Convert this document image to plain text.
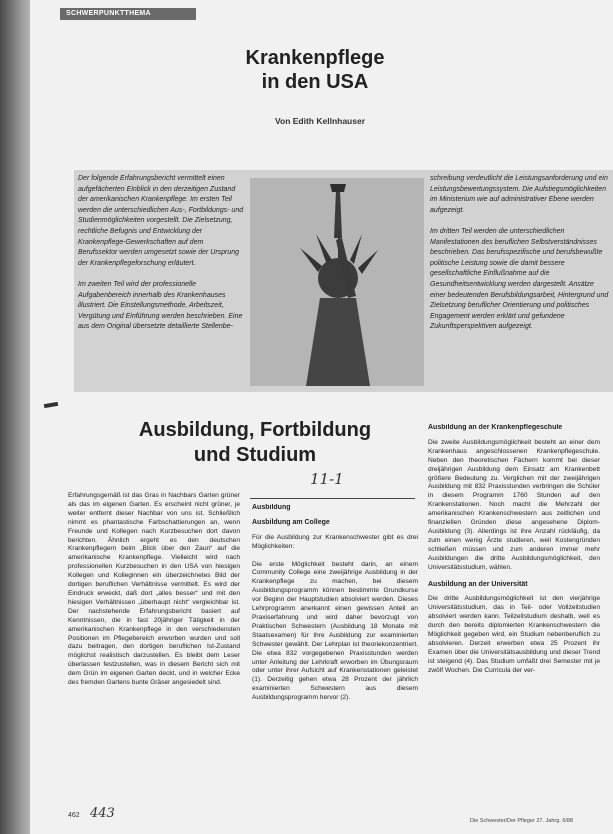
SCHWERPUNKTTHEMA
Krankenpflege
in den USA
Von Edith Kellnhauser

Der folgende Erfahrungsbericht vermittelt einen aufgefächerten Einblick in den derzeitigen Zustand der amerikanischen Krankenpflege. Im ersten Teil werden die unterschiedlichen Aus-, Fortbildungs- und Studienmöglichkeiten vorgestellt. Die Zielsetzung, rechtliche Befugnis und Entwicklung der Krankenpflege-Gewerkschaften auf dem Berufssektor werden umgesetzt sowie der Ursprung der Krankenpflegeforschung erläutert.

Im zweiten Teil wird der professionelle Aufgabenbereich innerhalb des Krankenhauses illustriert. Die Einstellungsmethode, Arbeitszeit, Vergütung und Einführung werden beschrieben. Eine aus dem Original übersetzte detaillierte Stellenbe-

schreibung verdeutlicht die Leistungsanforderung und ein Leistungsbewertungssystem. Die Aufstiegsmöglichkeiten im Ministerium wie auf administrativer Ebene werden aufgezeigt.

Im dritten Teil werden die unterschiedlichen Manifestationen des beruflichen Selbstverständnisses beschrieben. Das berufsspezifische und berufsbewußte politische Leistung sowie die damit bessere gesellschaftliche Einflußnahme auf die Gesundheitsentwicklung werden dargestellt. Ansätze einer bedeutenden Berufsbildungsarbeit, Hintergrund und Zielsetzung beruflicher Orientierung und politisches Engagement werden erklärt und gefundene Zukunftsperspektiven aufgezeigt.

Ausbildung, Fortbildung
und Studium
11-1

Erfahrungsgemäß ist das Gras in Nachbars Garten grüner als das im eigenen Garten. Es erscheint nicht grüner, je weiter entfernt dieser Nachbar von uns ist. Schließlich nimmt es phantastische Farbschattierungen an, wenn Freunde und Kollegen nach Kurzbesuchen dort davon berichten. Ähnlich ergeht es den deutschen Krankenpflegern beim „Blick über den Zaun“ auf die amerikanische Krankenpflege. Vielleicht wird nach professionellen Kurzbesuchen in den USA von hiesigen Kollegen und Kolleginnen ein überzeichnetes Bild der dortigen beruflichen Verhältnisse vermittelt. Es wird der Eindruck erweckt, daß dort „alles besser“ und mit den hiesigen Verhältnissen „überhaupt nicht“ vergleichbar ist. Der nachstehende Erfahrungsbericht basiert auf Kenntnissen, die in fast 20jähriger Tätigkeit in der amerikanischen Krankenpflege in den verschiedensten Positionen im Pflegebereich erworben wurden und soll dazu beitragen, den dortigen beruflichen Ist-Zustand möglichst realistisch darzustellen. Es bleibt dem Leser überlassen festzustellen, was in diesem Bericht sich mit dem Grün im eigenen Garten deckt, und in welcher Ecke des fremden Gartens bunte Gräser angesiedelt sind.

Ausbildung

Ausbildung am College

Für die Ausbildung zur Krankenschwester gibt es drei Möglichkeiten:

Die erste Möglichkeit besteht darin, an einem Community College eine zweijährige Ausbildung in der Krankenpflege zu machen, bei diesem Ausbildungsprogramm können bestimmte Grundkurse vor Beginn der Hauptstudien absolviert werden. Dieses Lehrprogramm anerkannt einen gewissen Anteil an Praxiserfahrung und wird daher bevorzugt von Praktischen Schwestern (Ausbildung 18 Monate mit Staatsexamen) für ihre Ausbildung zur examinierten Schwester gewählt. Der Lehrplan ist theoriekonzentriert. Die etwa 832 vorgegebenen Praxisstunden werden unter Anleitung der Lehrkraft erworben im Übungsraum oder unter ihrer Aufsicht auf Krankenstationen geleistet (1). Derzeitig gehen etwa 28 Prozent der jährlich examinierten Schwestern aus diesem Ausbildungsprogramm hervor (2).

Ausbildung an der Krankenpflegeschule

Die zweite Ausbildungsmöglichkeit besteht an einer dem Krankenhaus angeschlossenen Krankenpflegeschule. Neben den theoretischen Fächern kommt bei dieser dreijährigen Ausbildung dem Einsatz am Krankenbett größere Bedeutung zu. Verglichen mit der zweijährigen Ausbildung mit 832 Praxisstunden verbringen die Schüler in diesem Programm 1760 Stunden auf den Krankenstationen. Noch macht die Mehrzahl der amerikanischen Krankenschwestern aus zeitlichen und finanziellen Gründen diese angesehene Diplom-Ausbildung (3). Allerdings ist ihre Anzahl rückläufig, da zum einen wenig Ärzte studieren, weil Kostengründen schließen müssen und zum anderen immer mehr Ausbildungen die dritte Ausbildungsmöglichkeit, den Universitätsstudium, wählen.

Ausbildung an der Universität

Die dritte Ausbildungsmöglichkeit ist den vierjährige Universitätsstudium, das in Teil- oder Vollzeitstudien absolviert werden kann. Teilzeitstudium deshalb, weil es durch den bereits diplomierten Krankenschwestern die Möglichkeit gegeben wird, ein Studium nebenberuflich zu absolvieren. Derzeit erwerben etwa 25 Prozent ihr Examen über die Universitätsausbildung und dieser Trend ist steigend (4). Das Studium umfaßt drei Semester mit je zwölf Wochen. Die Curricula der ver-

462 443	Die Schwester/Der Pfleger 27. Jahrg. 6/88
